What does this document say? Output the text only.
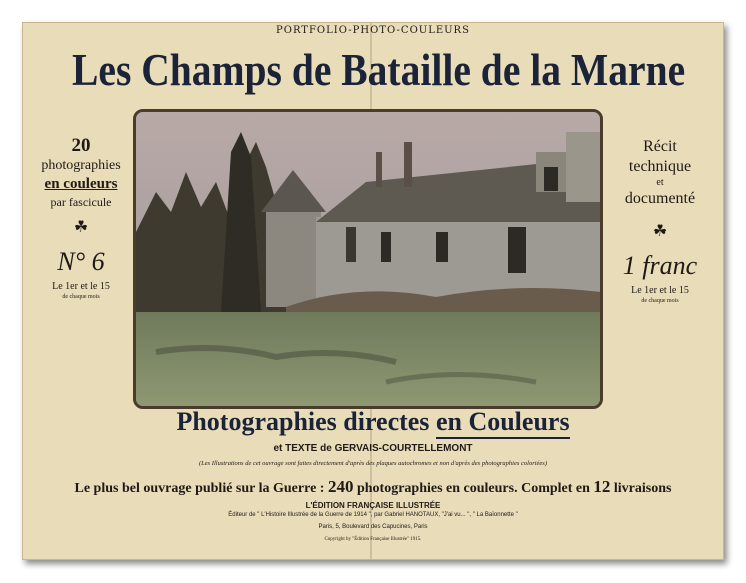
PORTFOLIO-PHOTO-COULEURS
Les Champs de Bataille de la Marne
20
photographies
en couleurs
par fascicule
☘
N° 6
Le 1er et le 15
de chaque mois
Récit
technique
et
documenté
☘
1 franc
Le 1er et le 15
de chaque mois
Photographies directes en Couleurs
et TEXTE de GERVAIS-COURTELLEMONT
(Les Illustrations de cet ouvrage sont faites directement d'après des plaques autochromes et non d'après des photographies coloriées)
Le plus bel ouvrage publié sur la Guerre : 240 photographies en couleurs. Complet en 12 livraisons
L'ÉDITION FRANÇAISE ILLUSTRÉE
Éditeur de " L'Histoire Illustrée de la Guerre de 1914 ", par Gabriel HANOTAUX, "J'ai vu... ", " La Baïonnette "
Paris, 5, Boulevard des Capucines, Paris
Copyright by "Édition Française Illustrée" 1915.
